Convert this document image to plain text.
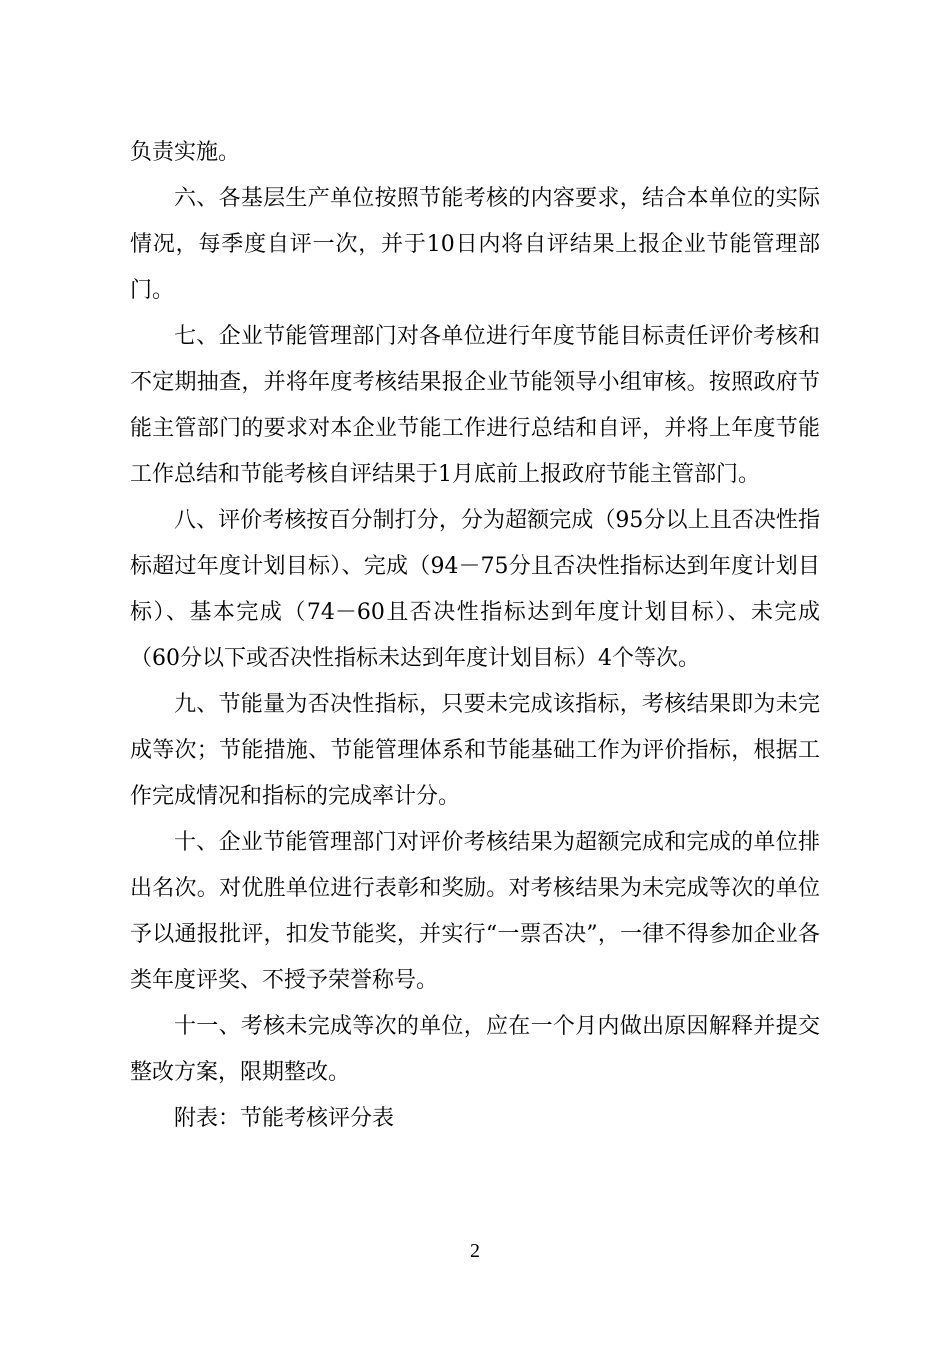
负责实施。

六、各基层生产单位按照节能考核的内容要求，结合本单位的实际情况，每季度自评一次，并于10日内将自评结果上报企业节能管理部门。

七、企业节能管理部门对各单位进行年度节能目标责任评价考核和不定期抽查，并将年度考核结果报企业节能领导小组审核。按照政府节能主管部门的要求对本企业节能工作进行总结和自评，并将上年度节能工作总结和节能考核自评结果于1月底前上报政府节能主管部门。

八、评价考核按百分制打分，分为超额完成（95分以上且否决性指标超过年度计划目标）、完成（94－75分且否决性指标达到年度计划目标）、基本完成（74－60且否决性指标达到年度计划目标）、未完成（60分以下或否决性指标未达到年度计划目标）4个等次。

九、节能量为否决性指标，只要未完成该指标，考核结果即为未完成等次；节能措施、节能管理体系和节能基础工作为评价指标，根据工作完成情况和指标的完成率计分。

十、企业节能管理部门对评价考核结果为超额完成和完成的单位排出名次。对优胜单位进行表彰和奖励。对考核结果为未完成等次的单位予以通报批评，扣发节能奖，并实行“一票否决”，一律不得参加企业各类年度评奖、不授予荣誉称号。

十一、考核未完成等次的单位，应在一个月内做出原因解释并提交整改方案，限期整改。

附表：节能考核评分表

2
